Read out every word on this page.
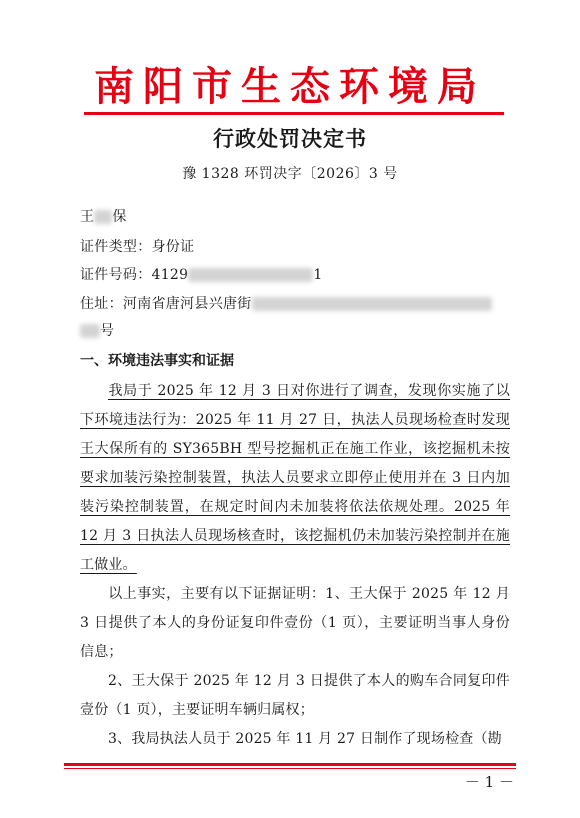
南阳市生态环境局
行政处罚决定书
豫 1328 环罚决字〔2026〕3 号
王 保
证件类型：身份证
证件号码：4129	1
住址：河南省唐河县兴唐街
号
一、环境违法事实和证据
我局于 2025 年 12 月 3 日对你进行了调查，发现你实施了以下环境违法行为：2025 年 11 月 27 日，执法人员现场检查时发现王大保所有的 SY365BH 型号挖掘机正在施工作业，该挖掘机未按要求加装污染控制装置，执法人员要求立即停止使用并在 3 日内加装污染控制装置，在规定时间内未加装将依法依规处理。2025 年 12 月 3 日执法人员现场核查时，该挖掘机仍未加装污染控制并在施工做业。
以上事实，主要有以下证据证明：1、王大保于 2025 年 12 月 3 日提供了本人的身份证复印件壹份（1 页），主要证明当事人身份信息；
2、王大保于 2025 年 12 月 3 日提供了本人的购车合同复印件壹份（1 页），主要证明车辆归属权；
3、我局执法人员于 2025 年 11 月 27 日制作了现场检查（勘
－ 1 －
